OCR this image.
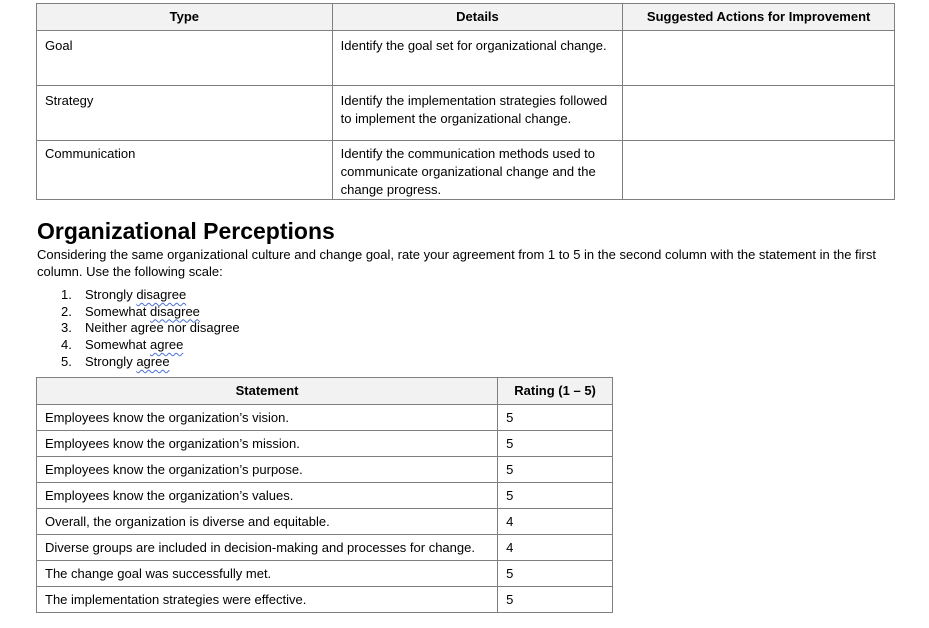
Type	Details	Suggested Actions for Improvement
Goal	Identify the goal set for organizational change.	
Strategy	Identify the implementation strategies followed to implement the organizational change.	
Communication	Identify the communication methods used to communicate organizational change and the change progress.	
Organizational Perceptions

Considering the same organizational culture and change goal, rate your agreement from 1 to 5 in the second column with the statement in the first column. Use the following scale:

1.	Strongly disagree
2.	Somewhat disagree
3.	Neither agree nor disagree
4.	Somewhat agree
5.	Strongly agree
Statement	Rating (1 – 5)
Employees know the organization’s vision.	5
Employees know the organization’s mission.	5
Employees know the organization’s purpose.	5
Employees know the organization’s values.	5
Overall, the organization is diverse and equitable.	4
Diverse groups are included in decision-making and processes for change.	4
The change goal was successfully met.	5
The implementation strategies were effective.	5
